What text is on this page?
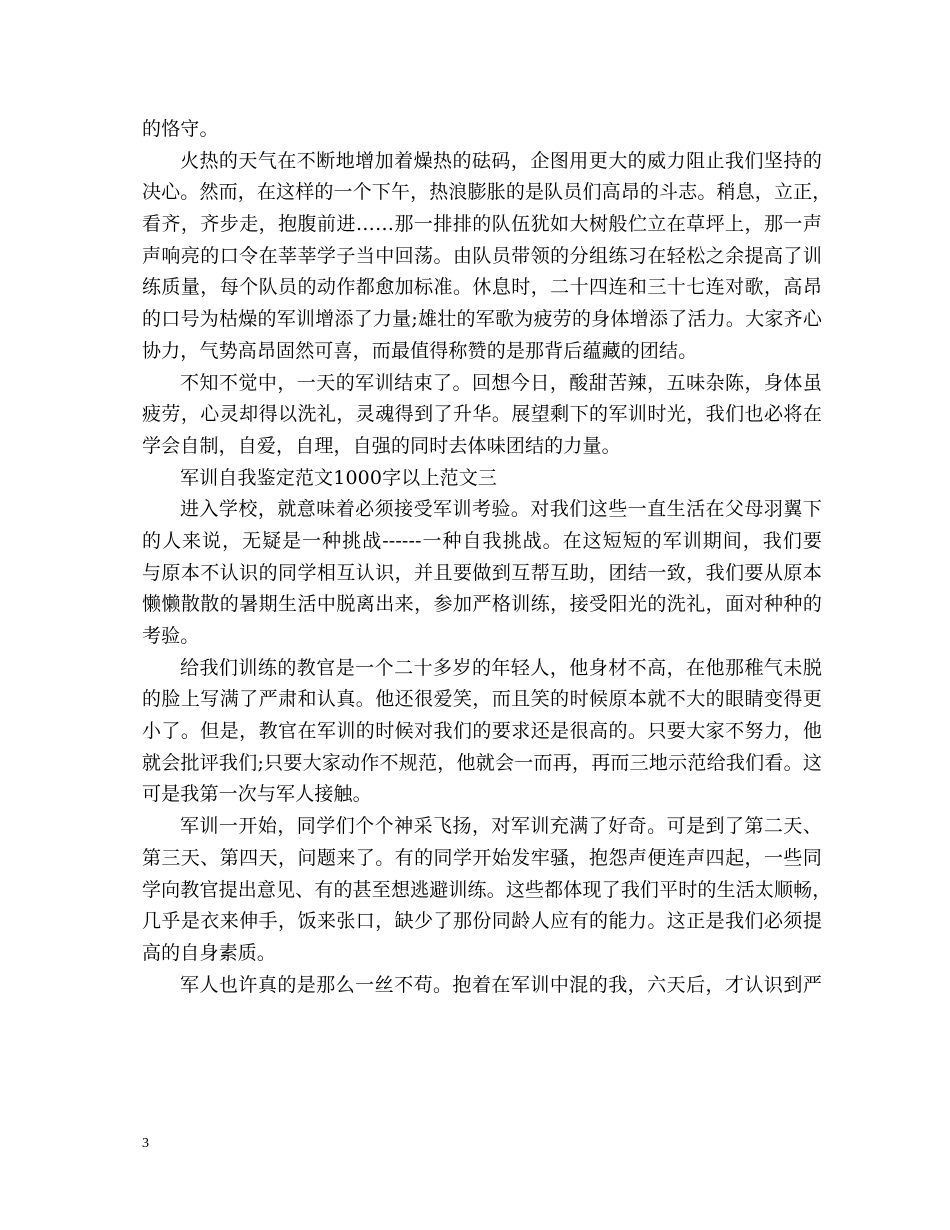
的恪守。
火热的天气在不断地增加着燥热的砝码，企图用更大的威力阻止我们坚持的
决心。然而，在这样的一个下午，热浪膨胀的是队员们高昂的斗志。稍息，立正，
看齐，齐步走，抱腹前进……那一排排的队伍犹如大树般伫立在草坪上，那一声
声响亮的口令在莘莘学子当中回荡。由队员带领的分组练习在轻松之余提高了训
练质量，每个队员的动作都愈加标准。休息时，二十四连和三十七连对歌，高昂
的口号为枯燥的军训增添了力量;雄壮的军歌为疲劳的身体增添了活力。大家齐心
协力，气势高昂固然可喜，而最值得称赞的是那背后蕴藏的团结。
不知不觉中，一天的军训结束了。回想今日，酸甜苦辣，五味杂陈，身体虽
疲劳，心灵却得以洗礼，灵魂得到了升华。展望剩下的军训时光，我们也必将在
学会自制，自爱，自理，自强的同时去体味团结的力量。
军训自我鉴定范文1000字以上范文三
进入学校，就意味着必须接受军训考验。对我们这些一直生活在父母羽翼下
的人来说，无疑是一种挑战------一种自我挑战。在这短短的军训期间，我们要
与原本不认识的同学相互认识，并且要做到互帮互助，团结一致，我们要从原本
懒懒散散的暑期生活中脱离出来，参加严格训练，接受阳光的洗礼，面对种种的
考验。
给我们训练的教官是一个二十多岁的年轻人，他身材不高，在他那稚气未脱
的脸上写满了严肃和认真。他还很爱笑，而且笑的时候原本就不大的眼睛变得更
小了。但是，教官在军训的时候对我们的要求还是很高的。只要大家不努力，他
就会批评我们;只要大家动作不规范，他就会一而再，再而三地示范给我们看。这
可是我第一次与军人接触。
军训一开始，同学们个个神采飞扬，对军训充满了好奇。可是到了第二天、
第三天、第四天，问题来了。有的同学开始发牢骚，抱怨声便连声四起，一些同
学向教官提出意见、有的甚至想逃避训练。这些都体现了我们平时的生活太顺畅，
几乎是衣来伸手，饭来张口，缺少了那份同龄人应有的能力。这正是我们必须提
高的自身素质。
军人也许真的是那么一丝不苟。抱着在军训中混的我，六天后，才认识到严
3
